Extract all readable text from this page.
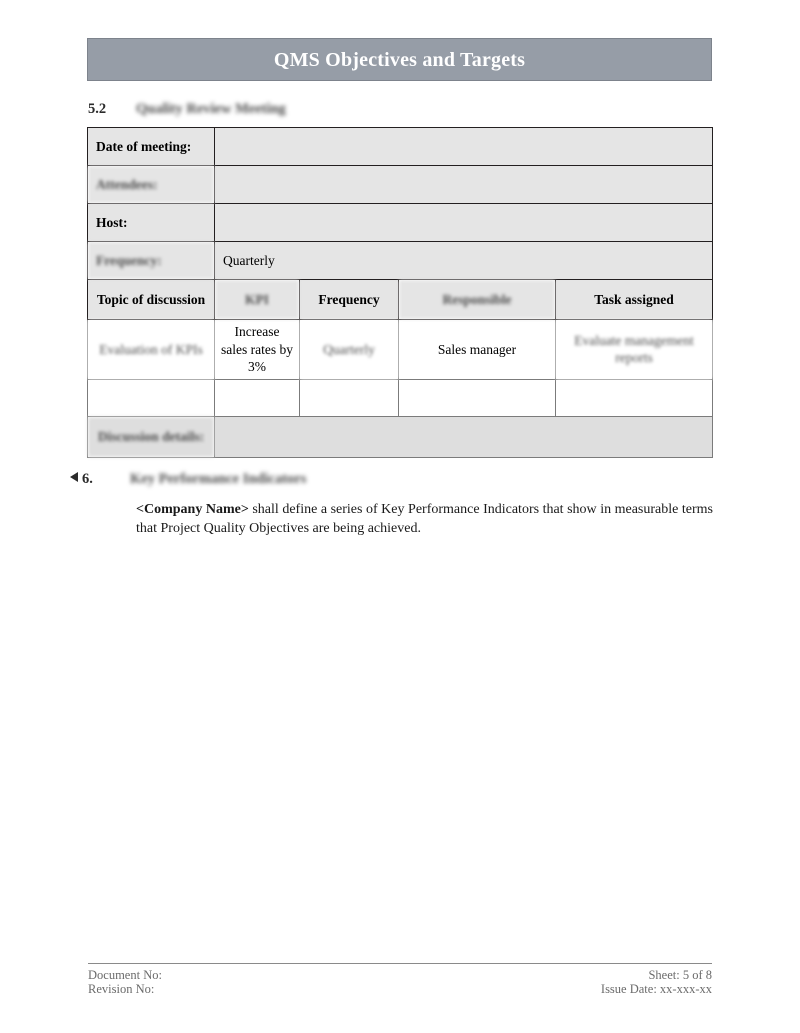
QMS Objectives and Targets
5.2 Quality Review Meeting
Date of meeting:				
Attendees:				
Host:				
Frequency:	Quarterly			
Topic of discussion	KPI	Frequency	Responsible	Task assigned
Evaluation of KPIs	Increase sales rates by 3%	Quarterly	Sales manager	Evaluate management reports

Discussion details:				
6.	Key Performance Indicators
<Company Name> shall define a series of Key Performance Indicators that show in measurable terms that Project Quality Objectives are being achieved.
Document No:	Sheet: 5 of 8
Revision No:	Issue Date: xx-xxx-xx
